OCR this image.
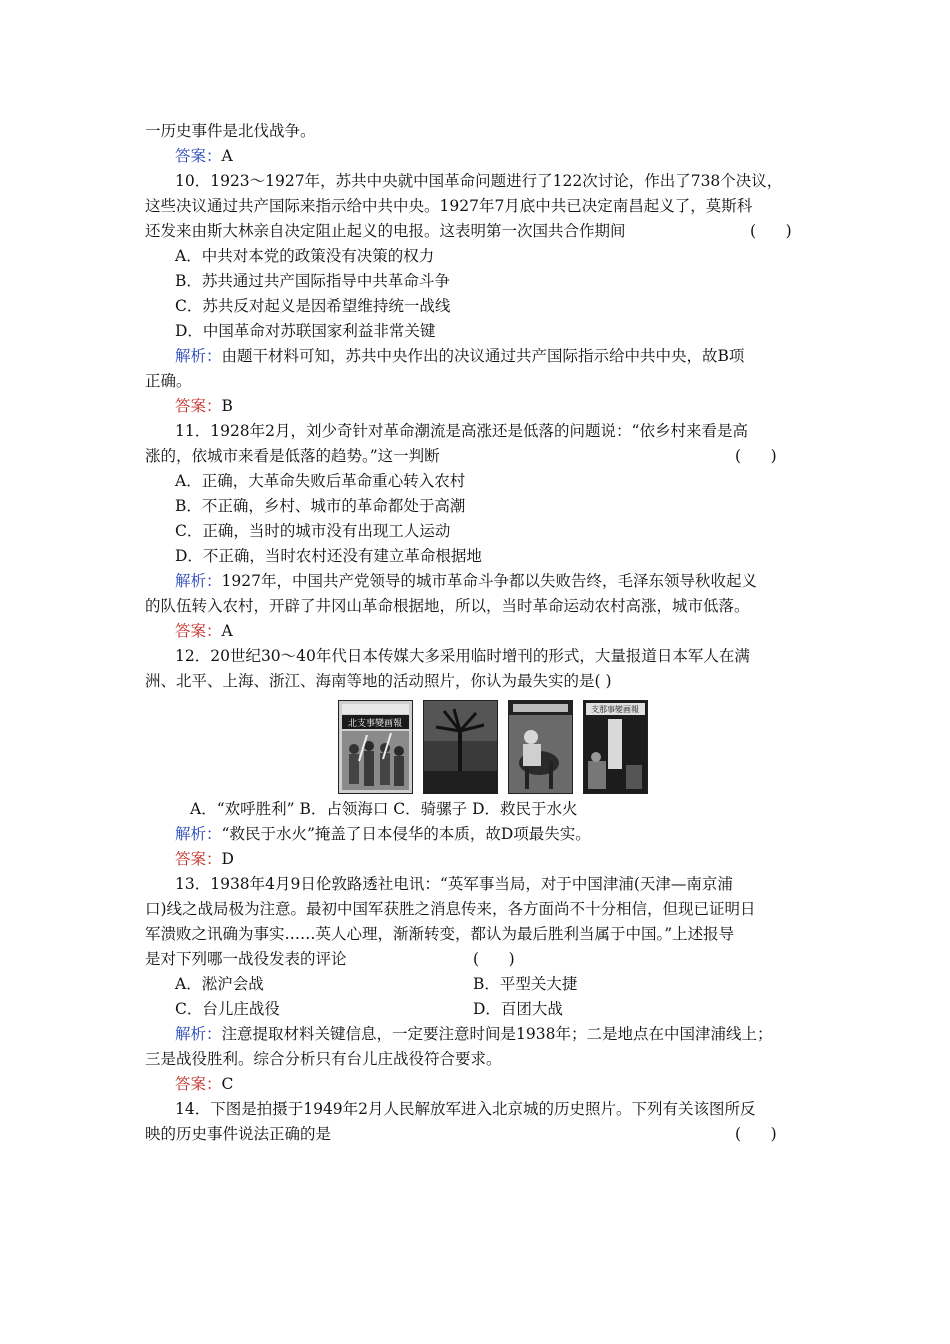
一历史事件是北伐战争。
答案：A
10．1923～1927年，苏共中央就中国革命问题进行了122次讨论，作出了738个决议，
这些决议通过共产国际来指示给中共中央。1927年7月底中共已决定南昌起义了，莫斯科
还发来由斯大林亲自决定阻止起义的电报。这表明第一次国共合作期间	(      )
A．中共对本党的政策没有决策的权力
B．苏共通过共产国际指导中共革命斗争
C．苏共反对起义是因希望维持统一战线
D．中国革命对苏联国家利益非常关键
解析：由题干材料可知，苏共中央作出的决议通过共产国际指示给中共中央，故B项
正确。
答案：B
11．1928年2月，刘少奇针对革命潮流是高涨还是低落的问题说：“依乡村来看是高
涨的，依城市来看是低落的趋势。”这一判断	(      )
A．正确，大革命失败后革命重心转入农村
B．不正确，乡村、城市的革命都处于高潮
C．正确，当时的城市没有出现工人运动
D．不正确，当时农村还没有建立革命根据地
解析：1927年，中国共产党领导的城市革命斗争都以失败告终，毛泽东领导秋收起义
的队伍转入农村，开辟了井冈山革命根据地，所以，当时革命运动农村高涨，城市低落。
答案：A
12．20世纪30～40年代日本传媒大多采用临时增刊的形式，大量报道日本军人在满
洲、北平、上海、浙江、海南等地的活动照片，你认为最失实的是( )
北支事變画報
支那事變画報
A．“欢呼胜利” B．占领海口 C．骑骡子 D．救民于水火
解析：“救民于水火”掩盖了日本侵华的本质，故D项最失实。
答案：D
13．1938年4月9日伦敦路透社电讯：“英军事当局，对于中国津浦(天津—南京浦
口)线之战局极为注意。最初中国军获胜之消息传来，各方面尚不十分相信，但现已证明日
军溃败之讯确为事实……英人心理，渐渐转变，都认为最后胜利当属于中国。”上述报导
是对下列哪一战役发表的评论	(      )
A．淞沪会战	B．平型关大捷
C．台儿庄战役	D．百团大战
解析：注意提取材料关键信息，一定要注意时间是1938年；二是地点在中国津浦线上；
三是战役胜利。综合分析只有台儿庄战役符合要求。
答案：C
14．下图是拍摄于1949年2月人民解放军进入北京城的历史照片。下列有关该图所反
映的历史事件说法正确的是	(      )
